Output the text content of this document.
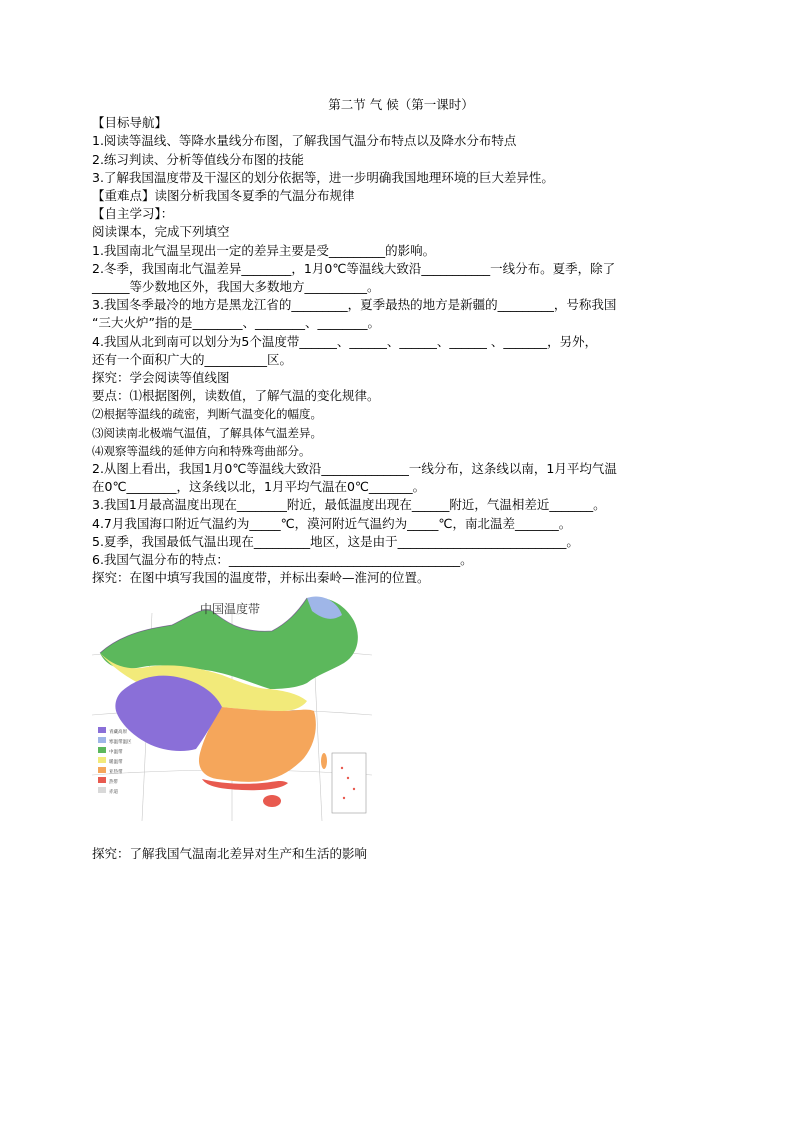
第二节 气 候（第一课时）
【目标导航】
1.阅读等温线、等降水量线分布图，了解我国气温分布特点以及降水分布特点
2.练习判读、分析等值线分布图的技能
3.了解我国温度带及干湿区的划分依据等，进一步明确我国地理环境的巨大差异性。
【重难点】读图分析我国冬夏季的气温分布规律
【自主学习】：
阅读课本，完成下列填空
1.我国南北气温呈现出一定的差异主要是受_________的影响。
2.冬季，我国南北气温差异________，1月0℃等温线大致沿___________一线分布。夏季，除了
______等少数地区外，我国大多数地方__________。
3.我国冬季最冷的地方是黑龙江省的_________，夏季最热的地方是新疆的_________，号称我国
“三大火炉”指的是________、________、________。
4.我国从北到南可以划分为5个温度带______、______、______、______ 、_______，另外，
还有一个面积广大的__________区。
探究：学会阅读等值线图
要点：⑴根据图例，读数值，了解气温的变化规律。
⑵根据等温线的疏密，判断气温变化的幅度。
⑶阅读南北极端气温值，了解具体气温差异。
⑷观察等温线的延伸方向和特殊弯曲部分。
2.从图上看出，我国1月0℃等温线大致沿______________一线分布，这条线以南，1月平均气温
在0℃________，这条线以北，1月平均气温在0℃_______。
3.我国1月最高温度出现在________附近，最低温度出现在______附近，气温相差近_______。
4.7月我国海口附近气温约为_____℃，漠河附近气温约为_____℃，南北温差_______。
5.夏季，我国最低气温出现在_________地区，这是由于___________________________。
6.我国气温分布的特点：_____________________________________。
探究：在图中填写我国的温度带，并标出秦岭—淮河的位置。
中国温度带
青藏高原
寒温带温区
中温带
暖温带
亚热带
热带
赤道
探究：了解我国气温南北差异对生产和生活的影响
